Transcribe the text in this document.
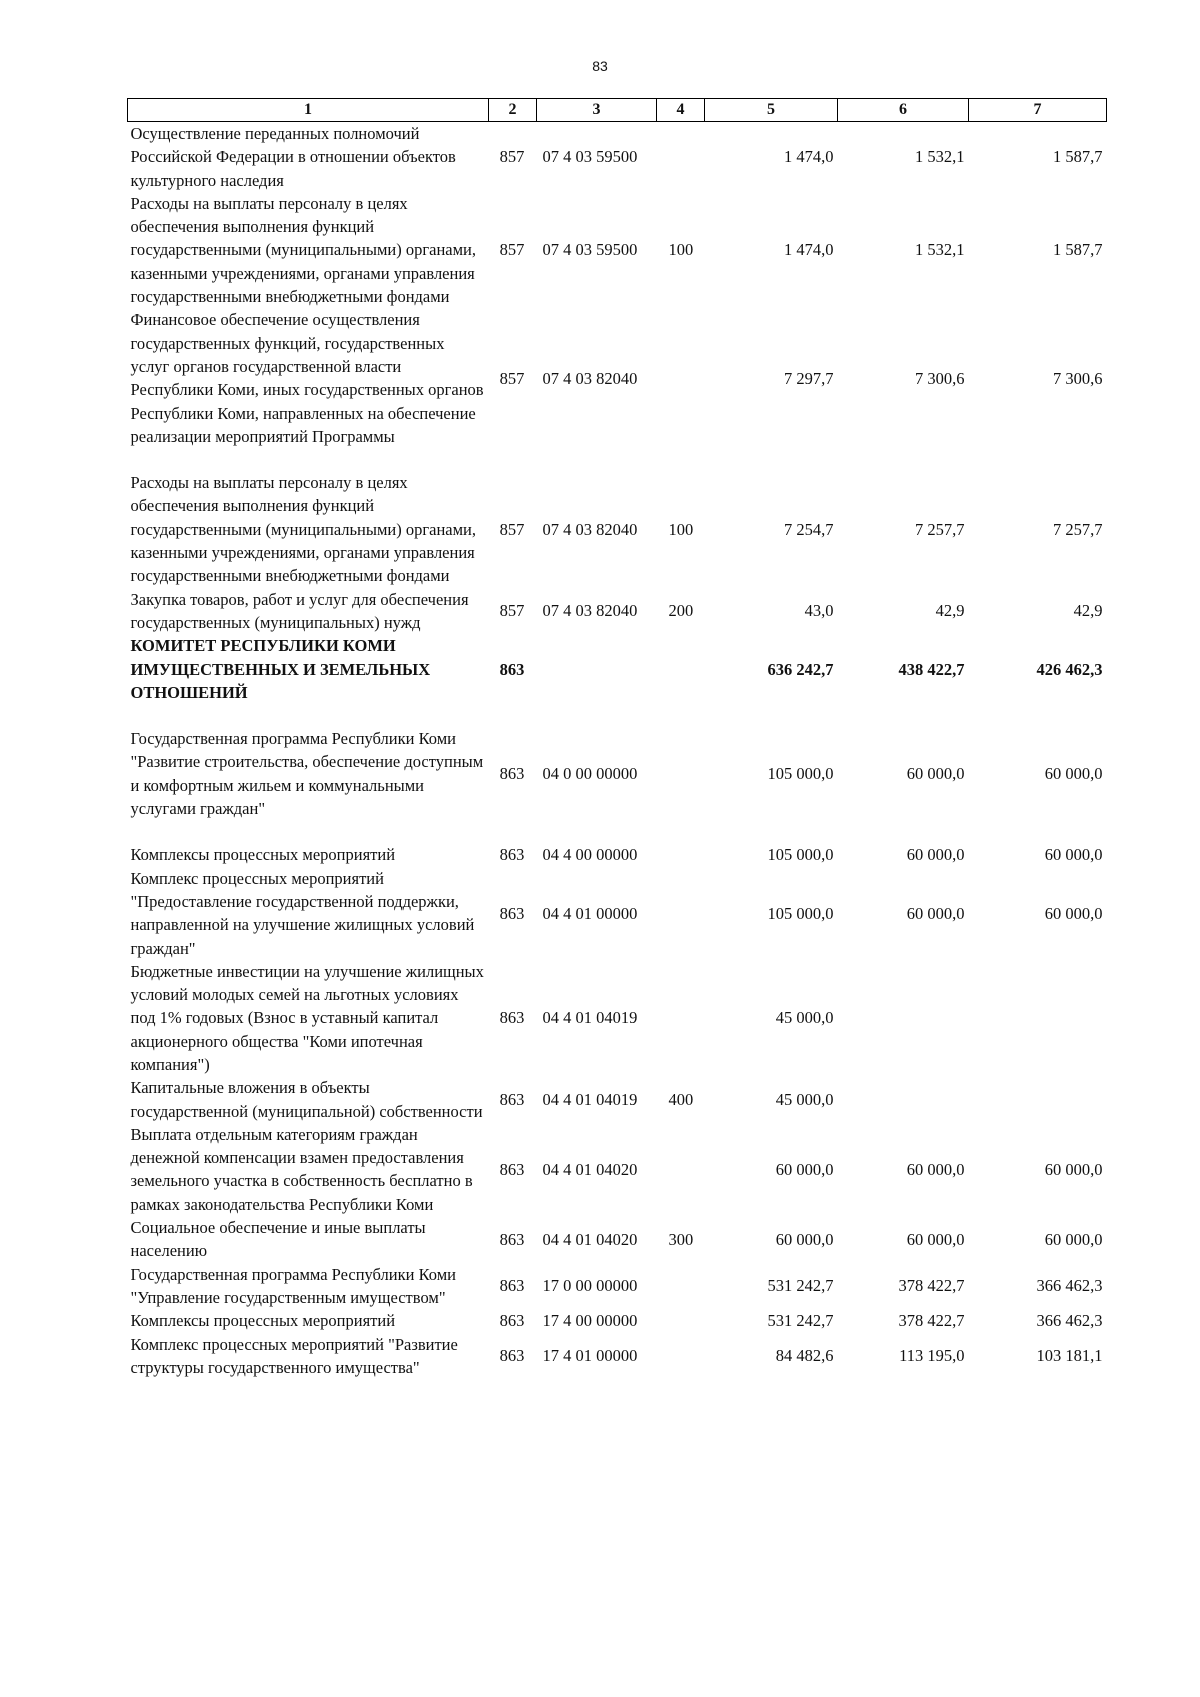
83
1	2	3	4	5	6	7
Осуществление переданных полномочий Российской Федерации в отношении объектов культурного наследия	857	07 4 03 59500		1 474,0	1 532,1	1 587,7
Расходы на выплаты персоналу в целях обеспечения выполнения функций государственными (муниципальными) органами, казенными учреждениями, органами управления государственными внебюджетными фондами	857	07 4 03 59500	100	1 474,0	1 532,1	1 587,7
Финансовое обеспечение осуществления государственных функций, государственных услуг органов государственной власти Республики Коми, иных государственных органов Республики Коми, направленных на обеспечение реализации мероприятий Программы	857	07 4 03 82040		7 297,7	7 300,6	7 300,6

Расходы на выплаты персоналу в целях обеспечения выполнения функций государственными (муниципальными) органами, казенными учреждениями, органами управления государственными внебюджетными фондами	857	07 4 03 82040	100	7 254,7	7 257,7	7 257,7
Закупка товаров, работ и услуг для обеспечения государственных (муниципальных) нужд	857	07 4 03 82040	200	43,0	42,9	42,9
КОМИТЕТ РЕСПУБЛИКИ КОМИ ИМУЩЕСТВЕННЫХ И ЗЕМЕЛЬНЫХ ОТНОШЕНИЙ	863			636 242,7	438 422,7	426 462,3

Государственная программа Республики Коми "Развитие строительства, обеспечение доступным и комфортным жильем и коммунальными услугами граждан"	863	04 0 00 00000		105 000,0	60 000,0	60 000,0

Комплексы процессных мероприятий	863	04 4 00 00000		105 000,0	60 000,0	60 000,0
Комплекс процессных мероприятий "Предоставление государственной поддержки, направленной на улучшение жилищных условий граждан"	863	04 4 01 00000		105 000,0	60 000,0	60 000,0
Бюджетные инвестиции на улучшение жилищных условий молодых семей на льготных условиях под 1% годовых (Взнос в уставный капитал акционерного общества "Коми ипотечная компания")	863	04 4 01 04019		45 000,0		
Капитальные вложения в объекты государственной (муниципальной) собственности	863	04 4 01 04019	400	45 000,0		
Выплата отдельным категориям граждан денежной компенсации взамен предоставления земельного участка в собственность бесплатно в рамках законодательства Республики Коми	863	04 4 01 04020		60 000,0	60 000,0	60 000,0
Социальное обеспечение и иные выплаты населению	863	04 4 01 04020	300	60 000,0	60 000,0	60 000,0
Государственная программа Республики Коми "Управление государственным имуществом"	863	17 0 00 00000		531 242,7	378 422,7	366 462,3
Комплексы процессных мероприятий	863	17 4 00 00000		531 242,7	378 422,7	366 462,3
Комплекс процессных мероприятий "Развитие структуры государственного имущества"	863	17 4 01 00000		84 482,6	113 195,0	103 181,1
